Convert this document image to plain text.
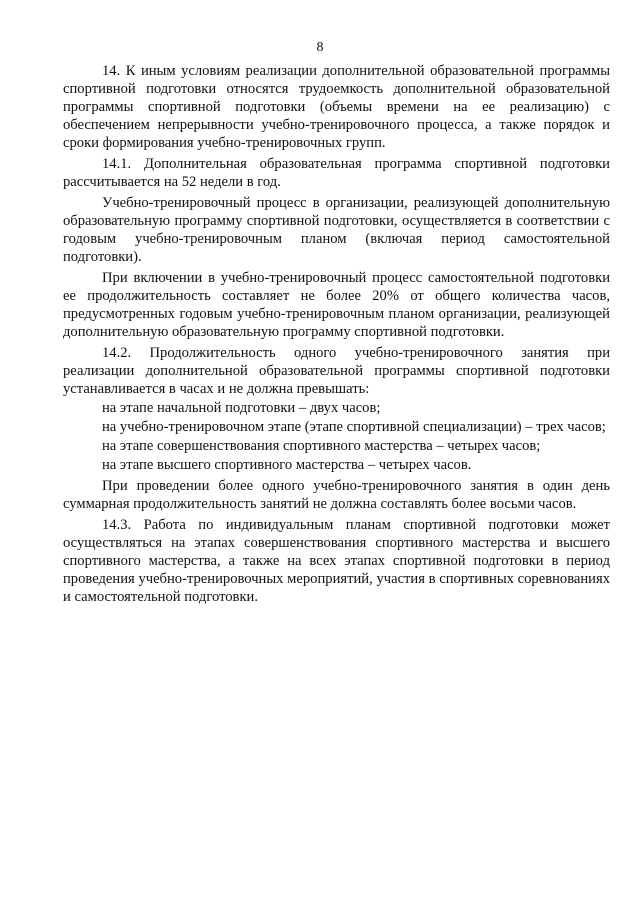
8

14. К иным условиям реализации дополнительной образовательной программы спортивной подготовки относятся трудоемкость дополнительной образовательной программы спортивной подготовки (объемы времени на ее реализацию) с обеспечением непрерывности учебно-тренировочного процесса, а также порядок и сроки формирования учебно-тренировочных групп.

14.1. Дополнительная образовательная программа спортивной подготовки рассчитывается на 52 недели в год.

Учебно-тренировочный процесс в организации, реализующей дополнительную образовательную программу спортивной подготовки, осуществляется в соответствии с годовым учебно-тренировочным планом (включая период самостоятельной подготовки).

При включении в учебно-тренировочный процесс самостоятельной подготовки ее продолжительность составляет не более 20% от общего количества часов, предусмотренных годовым учебно-тренировочным планом организации, реализующей дополнительную образовательную программу спортивной подготовки.

14.2. Продолжительность одного учебно-тренировочного занятия при реализации дополнительной образовательной программы спортивной подготовки устанавливается в часах и не должна превышать:

на этапе начальной подготовки – двух часов;

на учебно-тренировочном этапе (этапе спортивной специализации) – трех часов;

на этапе совершенствования спортивного мастерства – четырех часов;

на этапе высшего спортивного мастерства – четырех часов.

При проведении более одного учебно-тренировочного занятия в один день суммарная продолжительность занятий не должна составлять более восьми часов.

14.3. Работа по индивидуальным планам спортивной подготовки может осуществляться на этапах совершенствования спортивного мастерства и высшего спортивного мастерства, а также на всех этапах спортивной подготовки в период проведения учебно-тренировочных мероприятий, участия в спортивных соревнованиях и самостоятельной подготовки.
